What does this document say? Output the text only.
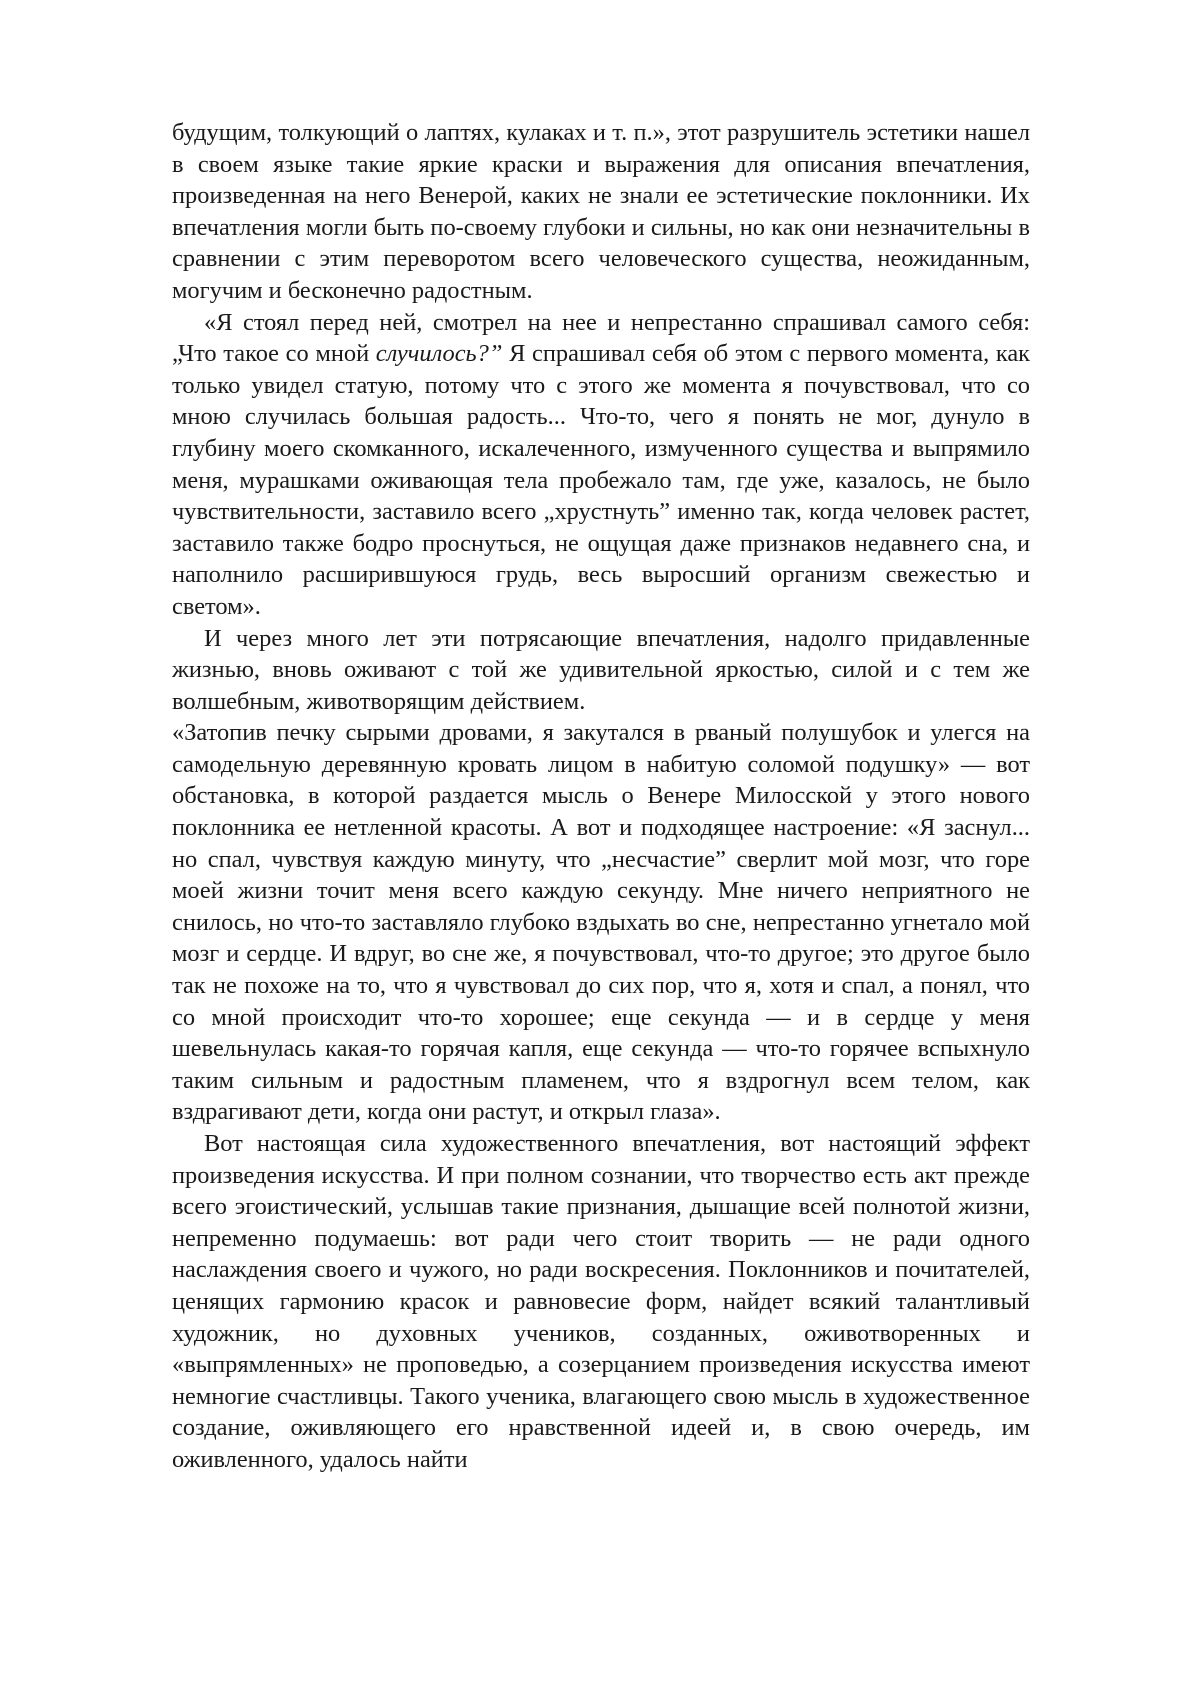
будущим, толкующий о лаптях, кулаках и т. п.», этот разрушитель эстетики нашел в своем языке такие яркие краски и выражения для описания впечатления, произведенная на него Венерой, каких не знали ее эстетические поклонники. Их впечатления могли быть по-своему глубоки и сильны, но как они незначительны в сравнении с этим переворотом всего человеческого существа, неожиданным, могучим и бесконечно радостным.

«Я стоял перед ней, смотрел на нее и непрестанно спрашивал самого себя: „Что такое со мной случилось?” Я спрашивал себя об этом с первого момента, как только увидел статую, потому что с этого же момента я почувствовал, что со мною случилась большая радость... Что-то, чего я понять не мог, дунуло в глубину моего скомканного, искалеченного, измученного существа и выпрямило меня, мурашками оживающая тела пробежало там, где уже, казалось, не было чувствительности, заставило всего „хрустнуть” именно так, когда человек растет, заставило также бодро проснуться, не ощущая даже признаков недавнего сна, и наполнило расширившуюся грудь, весь выросший организм свежестью и светом».

И через много лет эти потрясающие впечатления, надолго придавленные жизнью, вновь оживают с той же удивительной яркостью, силой и с тем же волшебным, животворящим действием.

«Затопив печку сырыми дровами, я закутался в рваный полушубок и улегся на самодельную деревянную кровать лицом в набитую соломой подушку» — вот обстановка, в которой раздается мысль о Венере Милосской у этого нового поклонника ее нетленной красоты. А вот и подходящее настроение: «Я заснул... но спал, чувствуя каждую минуту, что „несчастие” сверлит мой мозг, что горе моей жизни точит меня всего каждую секунду. Мне ничего неприятного не снилось, но что-то заставляло глубоко вздыхать во сне, непрестанно угнетало мой мозг и сердце. И вдруг, во сне же, я почувствовал, что-то другое; это другое было так не похоже на то, что я чувствовал до сих пор, что я, хотя и спал, а понял, что со мной происходит что-то хорошее; еще секунда — и в сердце у меня шевельнулась какая-то горячая капля, еще секунда — что-то горячее вспыхнуло таким сильным и радостным пламенем, что я вздрогнул всем телом, как вздрагивают дети, когда они растут, и открыл глаза».

Вот настоящая сила художественного впечатления, вот настоящий эффект произведения искусства. И при полном сознании, что творчество есть акт прежде всего эгоистический, услышав такие признания, дышащие всей полнотой жизни, непременно подумаешь: вот ради чего стоит творить — не ради одного наслаждения своего и чужого, но ради воскресения. Поклонников и почитателей, ценящих гармонию красок и равновесие форм, найдет всякий талантливый художник, но духовных учеников, созданных, оживотворенных и «выпрямленных» не проповедью, а созерцанием произведения искусства имеют немногие счастливцы. Такого ученика, влагающего свою мысль в художественное создание, оживляющего его нравственной идеей и, в свою очередь, им оживленного, удалось найти
